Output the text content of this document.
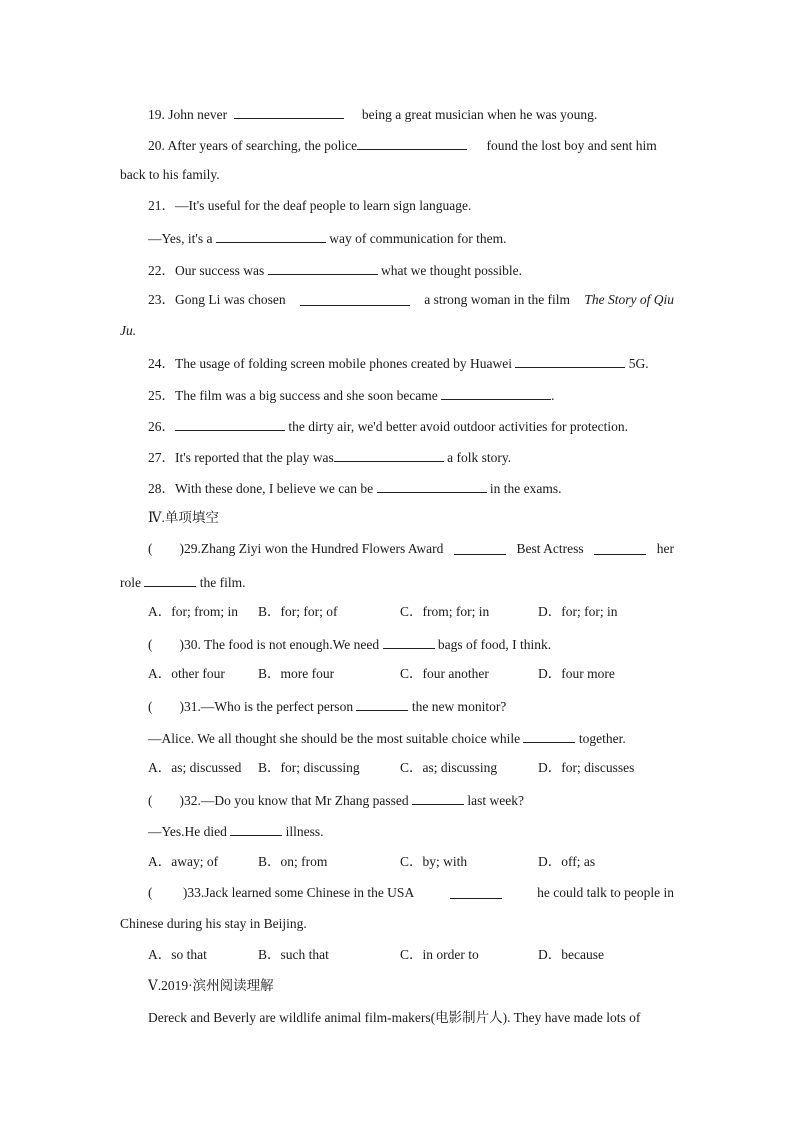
19. John never	being a great musician when he was young.
20. After years of searching, the police	found the lost boy and sent him
back to his family.
21．—It's useful for the deaf people to learn sign language.
—Yes, it's a	way of communication for them.
22．Our success was	what we thought possible.
23．Gong Li was chosen	a strong woman in the film The Story of Qiu
Ju.
24．The usage of folding screen mobile phones created by Huawei	5G.
25．The film was a big success and she soon became	.
26．	the dirty air, we'd better avoid outdoor activities for protection.
27．It's reported that the play was	a folk story.
28．With these done, I believe we can be	in the exams.
Ⅳ.单项填空
(　　)29.Zhang Ziyi won the Hundred Flowers Award	Best Actress	her
role	the film.
A．for; from; in B．for; for; of	C．from; for; in	D．for; for; in
(　　)30. The food is not enough.We need	bags of food, I think.
A．other four B．more four	C．four another	D．four more
(　　)31.—Who is the perfect person	the new monitor?
—Alice. We all thought she should be the most suitable choice while	together.
A．as; discussed B．for; discussing	C．as; discussing	D．for; discusses
(　　)32.—Do you know that Mr Zhang passed	last week?
—Yes.He died	illness.
A．away; of	B．on; from	C．by; with	D．off; as
(　　 )33.Jack learned some Chinese in the USA	he could talk to people in
Chinese during his stay in Beijing.
A．so that	B．such that	C．in order to	D．because
Ⅴ.2019·滨州阅读理解
Dereck and Beverly are wildlife animal film-makers(电影制片人). They have made lots of
